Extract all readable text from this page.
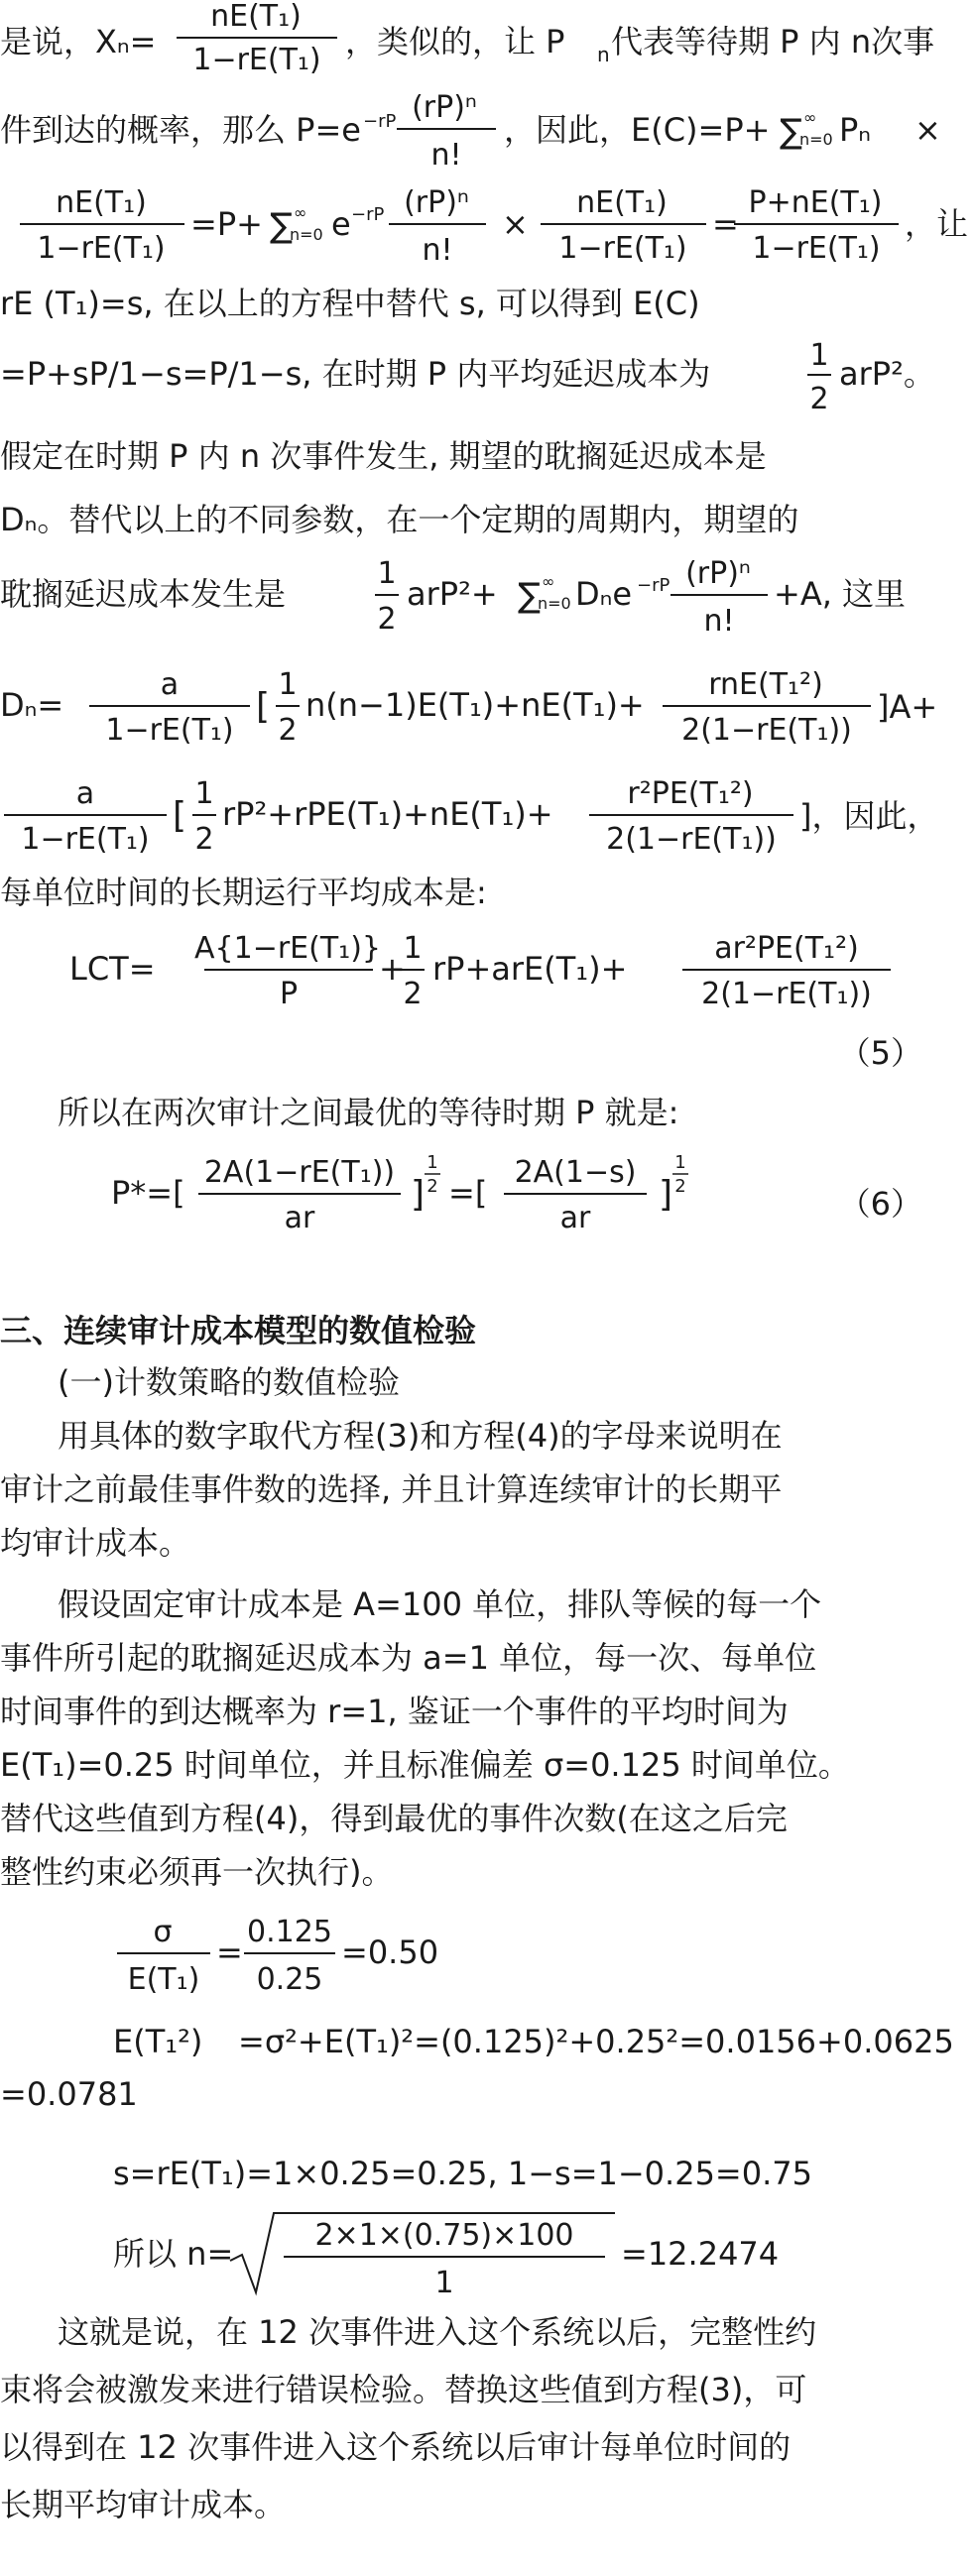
是说， Xₙ=
nE(T₁)
1−rE(T₁) ，类似的，让 P n 代表等待期 P 内 n次事
件到达的概率，那么 P=e −rP (rP)ⁿ
n!
，因此，E(C)=P+ ∑ ∞
n=0 Pₙ ×
nE(T₁)
1−rE(T₁)
=P+ ∑ ∞
n=0 e −rP (rP)ⁿ
n!
×
nE(T₁)
1−rE(T₁)
=
P+nE(T₁)
1−rE(T₁)
，让
rE (T₁)=s, 在以上的方程中替代 s, 可以得到 E(C)
=P+sP/1−s=P/1−s, 在时期 P 内平均延迟成本为	1
2
arP²。
假定在时期 P 内 n 次事件发生, 期望的耽搁延迟成本是
Dₙ。替代以上的不同参数，在一个定期的周期内，期望的
耽搁延迟成本发生是
1
2
arP²+ ∑ ∞
n=0 Dₙe −rP (rP)ⁿ
n!
+A, 这里
Dₙ=
a
1−rE(T₁)
[
1
2
n(n−1)E(T₁)+nE(T₁)+
rnE(T₁²)
2(1−rE(T₁))
]A+
a
1−rE(T₁)
[
1
2
rP²+rPE(T₁)+nE(T₁)+
r²PE(T₁²)
2(1−rE(T₁))
]，因此，
每单位时间的长期运行平均成本是:
LCT=
A{1−rE(T₁)}
P
+
1
2
rP+arE(T₁)+
ar²PE(T₁²)
2(1−rE(T₁))
（5）
所以在两次审计之间最优的等待时期 P 就是:
P*=[
2A(1−rE(T₁))
ar
]
1
2 =[
2A(1−s)
ar
]
1
2	（6）
三、连续审计成本模型的数值检验
(一)计数策略的数值检验
用具体的数字取代方程(3)和方程(4)的字母来说明在
审计之前最佳事件数的选择, 并且计算连续审计的长期平
均审计成本。
假设固定审计成本是 A=100 单位，排队等候的每一个
事件所引起的耽搁延迟成本为 a=1 单位，每一次、每单位
时间事件的到达概率为 r=1, 鉴证一个事件的平均时间为
E(T₁)=0.25 时间单位，并且标准偏差 σ=0.125 时间单位。
替代这些值到方程(4)，得到最优的事件次数(在这之后完
整性约束必须再一次执行)。
σ
E(T₁)
=
0.125
0.25
=0.50
E(T₁²) =σ²+E(T₁)²=(0.125)²+0.25²=0.0156+0.0625
=0.0781
s=rE(T₁)=1×0.25=0.25, 1−s=1−0.25=0.75
所以 n=	2×1×(0.75)×100
1
=12.2474
这就是说，在 12 次事件进入这个系统以后，完整性约
束将会被激发来进行错误检验。替换这些值到方程(3)，可
以得到在 12 次事件进入这个系统以后审计每单位时间的
长期平均审计成本。
